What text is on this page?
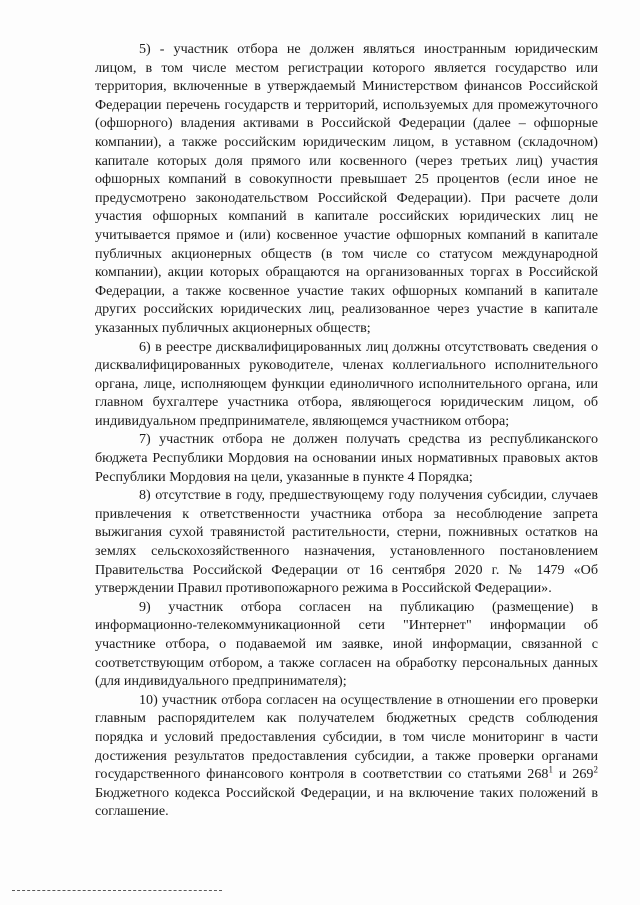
5) - участник отбора не должен являться иностранным юридическим лицом, в том числе местом регистрации которого является государство или территория, включенные в утверждаемый Министерством финансов Российской Федерации перечень государств и территорий, используемых для промежуточного (офшорного) владения активами в Российской Федерации (далее – офшорные компании), а также российским юридическим лицом, в уставном (складочном) капитале которых доля прямого или косвенного (через третьих лиц) участия офшорных компаний в совокупности превышает 25 процентов (если иное не предусмотрено законодательством Российской Федерации). При расчете доли участия офшорных компаний в капитале российских юридических лиц не учитывается прямое и (или) косвенное участие офшорных компаний в капитале публичных акционерных обществ (в том числе со статусом международной компании), акции которых обращаются на организованных торгах в Российской Федерации, а также косвенное участие таких офшорных компаний в капитале других российских юридических лиц, реализованное через участие в капитале указанных публичных акционерных обществ;

6) в реестре дисквалифицированных лиц должны отсутствовать сведения о дисквалифицированных руководителе, членах коллегиального исполнительного органа, лице, исполняющем функции единоличного исполнительного органа, или главном бухгалтере участника отбора, являющегося юридическим лицом, об индивидуальном предпринимателе, являющемся участником отбора;

7) участник отбора не должен получать средства из республиканского бюджета Республики Мордовия на основании иных нормативных правовых актов Республики Мордовия на цели, указанные в пункте 4 Порядка;

8) отсутствие в году, предшествующему году получения субсидии, случаев привлечения к ответственности участника отбора за несоблюдение запрета выжигания сухой травянистой растительности, стерни, пожнивных остатков на землях сельскохозяйственного назначения, установленного постановлением Правительства Российской Федерации от 16 сентября 2020 г. № 1479 «Об утверждении Правил противопожарного режима в Российской Федерации».

9) участник отбора согласен на публикацию (размещение) в информационно-телекоммуникационной сети "Интернет" информации об участнике отбора, о подаваемой им заявке, иной информации, связанной с соответствующим отбором, а также согласен на обработку персональных данных (для индивидуального предпринимателя);

10) участник отбора согласен на осуществление в отношении его проверки главным распорядителем как получателем бюджетных средств соблюдения порядка и условий предоставления субсидии, в том числе мониторинг в части достижения результатов предоставления субсидии, а также проверки органами государственного финансового контроля в соответствии со статьями $268^1$ и $269^2$ Бюджетного кодекса Российской Федерации, и на включение таких положений в соглашение.
